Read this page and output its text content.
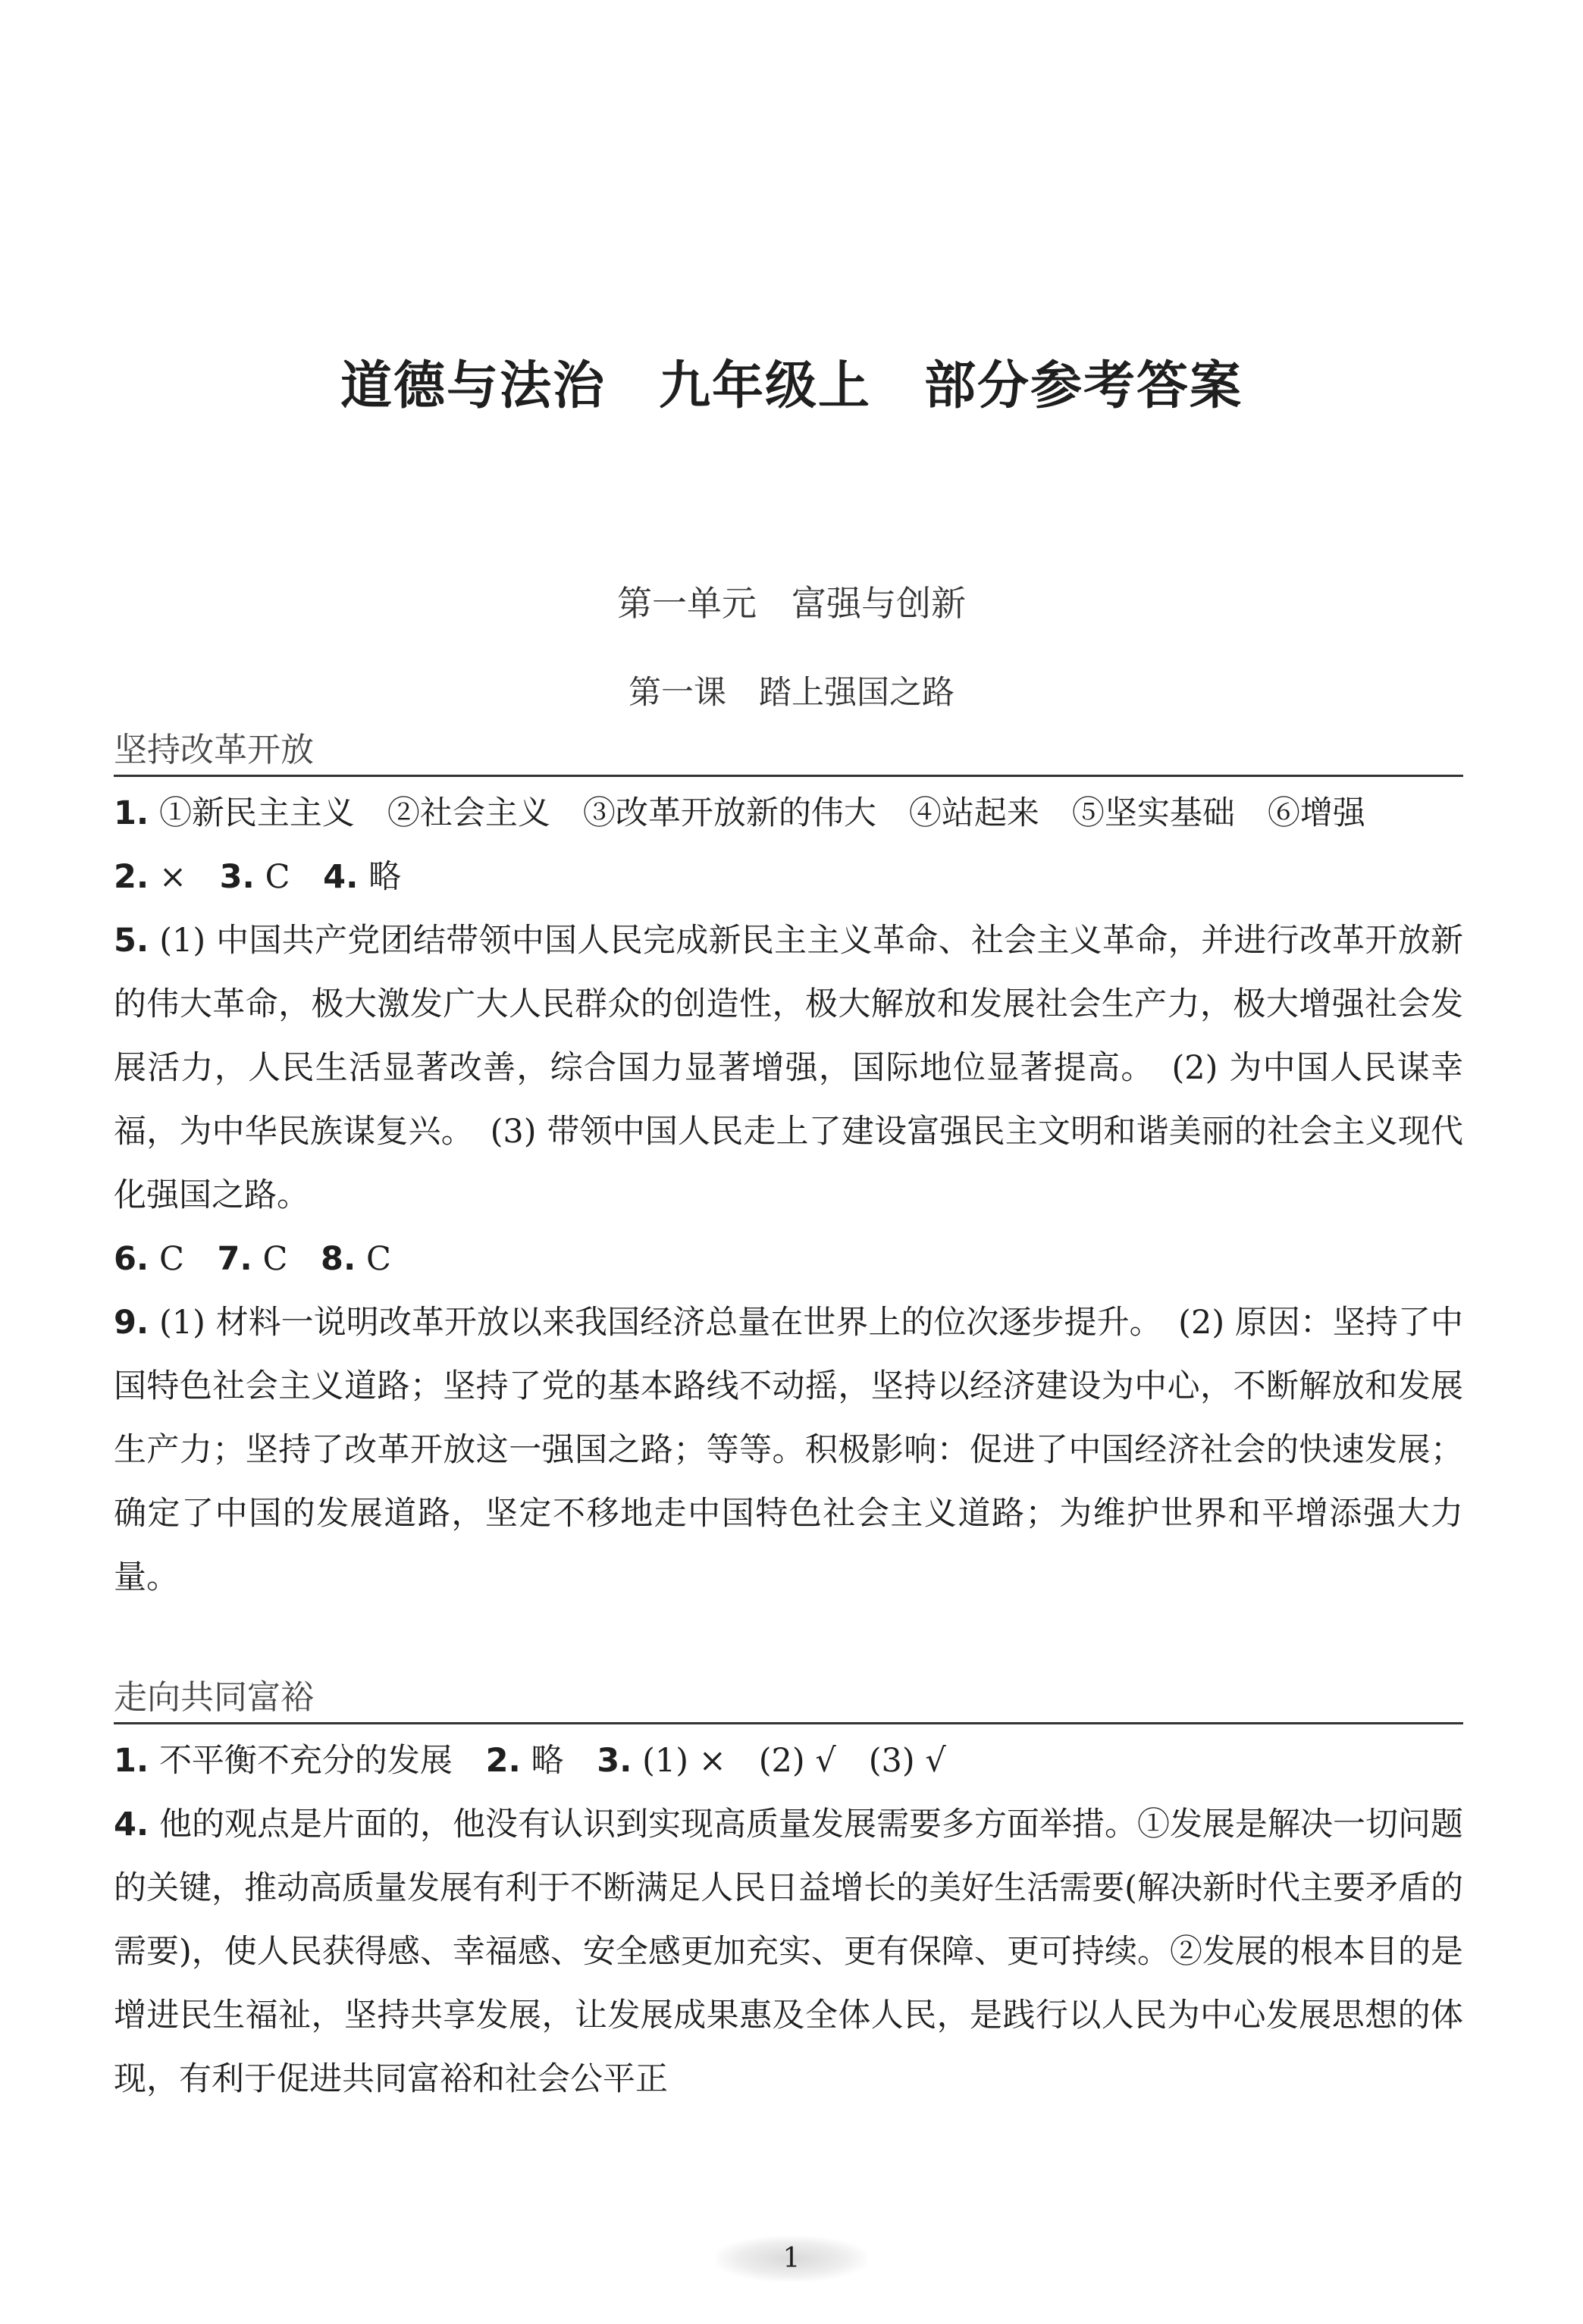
道德与法治　九年级上　部分参考答案
第一单元　富强与创新
第一课　踏上强国之路
坚持改革开放

1. ①新民主主义　②社会主义　③改革开放新的伟大　④站起来　⑤坚实基础　⑥增强

2. × 3. C 4. 略

5. (1) 中国共产党团结带领中国人民完成新民主主义革命、社会主义革命，并进行改革开放新的伟大革命，极大激发广大人民群众的创造性，极大解放和发展社会生产力，极大增强社会发展活力，人民生活显著改善，综合国力显著增强，国际地位显著提高。　(2) 为中国人民谋幸福，为中华民族谋复兴。　(3) 带领中国人民走上了建设富强民主文明和谐美丽的社会主义现代化强国之路。

6. C 7. C 8. C

9. (1) 材料一说明改革开放以来我国经济总量在世界上的位次逐步提升。　(2) 原因：坚持了中国特色社会主义道路；坚持了党的基本路线不动摇，坚持以经济建设为中心，不断解放和发展生产力；坚持了改革开放这一强国之路；等等。积极影响：促进了中国经济社会的快速发展；确定了中国的发展道路，坚定不移地走中国特色社会主义道路；为维护世界和平增添强大力量。

走向共同富裕

1. 不平衡不充分的发展 2. 略 3. (1) ×　(2) √　(3) √

4. 他的观点是片面的，他没有认识到实现高质量发展需要多方面举措。①发展是解决一切问题的关键，推动高质量发展有利于不断满足人民日益增长的美好生活需要(解决新时代主要矛盾的需要)，使人民获得感、幸福感、安全感更加充实、更有保障、更可持续。②发展的根本目的是增进民生福祉，坚持共享发展，让发展成果惠及全体人民，是践行以人民为中心发展思想的体现，有利于促进共同富裕和社会公平正

1
